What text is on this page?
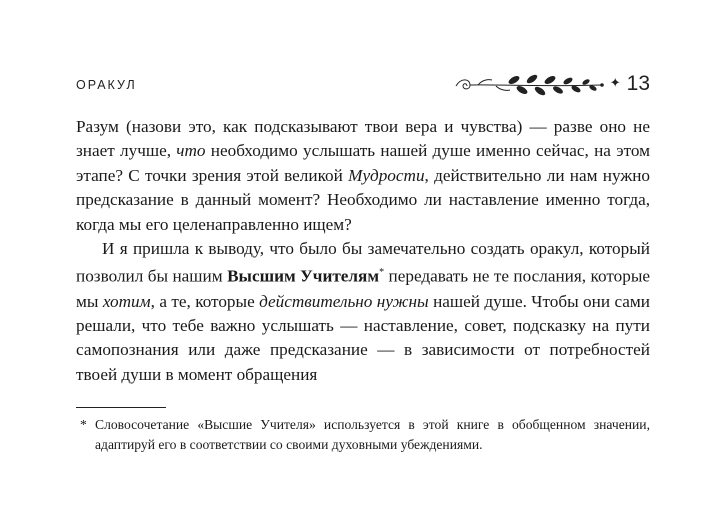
ОРАКУЛ	✦ 13

Разум (назови это, как подсказывают твои вера и чувства) — разве оно не знает лучше, что необходимо услышать нашей душе именно сейчас, на этом этапе? С точки зрения этой великой Мудрости, действительно ли нам нужно предсказание в данный момент? Необходимо ли наставление именно тогда, когда мы его целенаправленно ищем?

И я пришла к выводу, что было бы замечательно создать оракул, который позволил бы нашим Высшим Учителям* передавать не те послания, которые мы хотим, а те, которые действительно нужны нашей душе. Чтобы они сами решали, что тебе важно услышать — наставление, совет, подсказку на пути самопознания или даже предсказание — в зависимости от потребностей твоей души в момент обращения

* Словосочетание «Высшие Учителя» используется в этой книге в обобщенном значении, адаптируй его в соответствии со своими духовными убеждениями.
